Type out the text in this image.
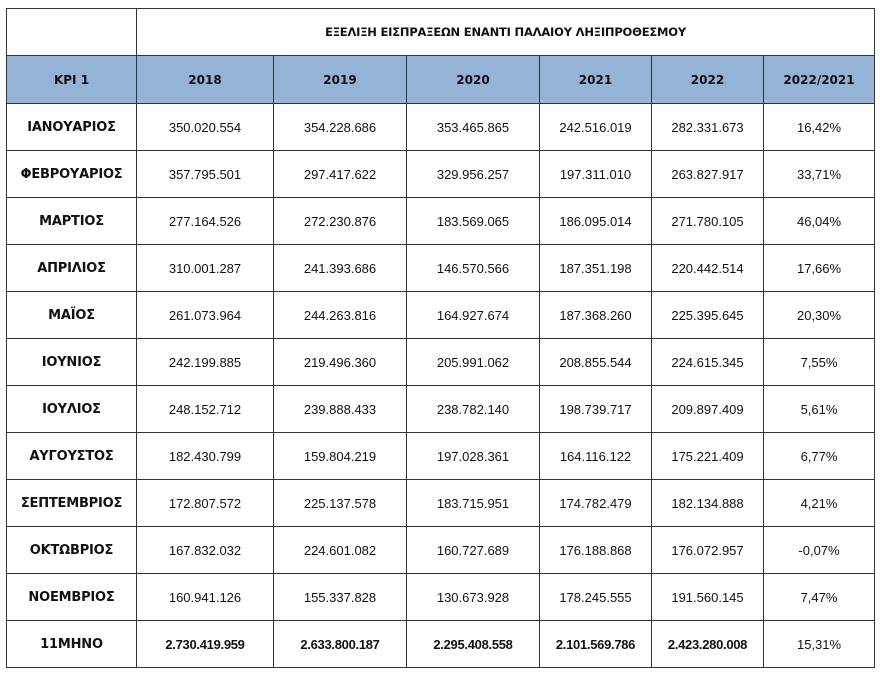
	ΕΞΕΛΙΞΗ ΕΙΣΠΡΑΞΕΩΝ ΕΝΑΝΤΙ ΠΑΛΑΙΟΥ ΛΗΞΙΠΡΟΘΕΣΜΟΥ					
KPI 1	2018	2019	2020	2021	2022	2022/2021
ΙΑΝΟΥΑΡΙΟΣ	350.020.554	354.228.686	353.465.865	242.516.019	282.331.673	16,42%
ΦΕΒΡΟΥΑΡΙΟΣ	357.795.501	297.417.622	329.956.257	197.311.010	263.827.917	33,71%
ΜΑΡΤΙΟΣ	277.164.526	272.230.876	183.569.065	186.095.014	271.780.105	46,04%
ΑΠΡΙΛΙΟΣ	310.001.287	241.393.686	146.570.566	187.351.198	220.442.514	17,66%
ΜΑΪΟΣ	261.073.964	244.263.816	164.927.674	187.368.260	225.395.645	20,30%
ΙΟΥΝΙΟΣ	242.199.885	219.496.360	205.991.062	208.855.544	224.615.345	7,55%
ΙΟΥΛΙΟΣ	248.152.712	239.888.433	238.782.140	198.739.717	209.897.409	5,61%
ΑΥΓΟΥΣΤΟΣ	182.430.799	159.804.219	197.028.361	164.116.122	175.221.409	6,77%
ΣΕΠΤΕΜΒΡΙΟΣ	172.807.572	225.137.578	183.715.951	174.782.479	182.134.888	4,21%
ΟΚΤΩΒΡΙΟΣ	167.832.032	224.601.082	160.727.689	176.188.868	176.072.957	-0,07%
ΝΟΕΜΒΡΙΟΣ	160.941.126	155.337.828	130.673.928	178.245.555	191.560.145	7,47%
11ΜΗΝΟ	2.730.419.959	2.633.800.187	2.295.408.558	2.101.569.786	2.423.280.008	15,31%
